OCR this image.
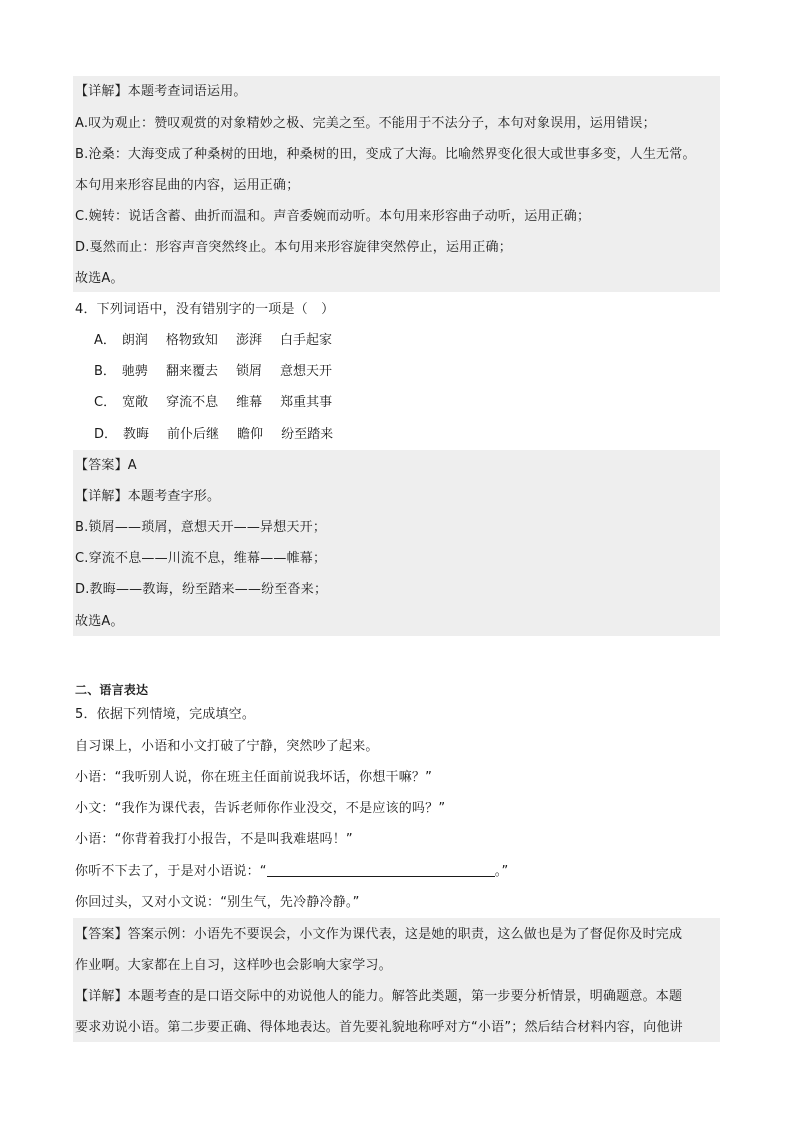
【详解】本题考查词语运用。
A.叹为观止：赞叹观赏的对象精妙之极、完美之至。不能用于不法分子，本句对象误用，运用错误；
B.沧桑：大海变成了种桑树的田地，种桑树的田，变成了大海。比喻然界变化很大或世事多变，人生无常。
本句用来形容昆曲的内容，运用正确；
C.婉转：说话含蓄、曲折而温和。声音委婉而动听。本句用来形容曲子动听，运用正确；
D.戛然而止：形容声音突然终止。本句用来形容旋律突然停止，运用正确；
故选A。
4．下列词语中，没有错别字的一项是（　）
A． 朗润 格物致知 澎湃 白手起家
B． 驰骋 翻来覆去 锁屑 意想天开
C． 宽敞 穿流不息 维幕 郑重其事
D． 教晦 前仆后继 瞻仰 纷至踏来
【答案】A
【详解】本题考查字形。
B.锁屑——琐屑，意想天开——异想天开；
C.穿流不息——川流不息，维幕——帷幕；
D.教晦——教诲，纷至踏来——纷至沓来；
故选A。
二、语言表达
5．依据下列情境，完成填空。
自习课上，小语和小文打破了宁静，突然吵了起来。
小语：“我听别人说，你在班主任面前说我坏话，你想干嘛？”
小文：“我作为课代表，告诉老师你作业没交，不是应该的吗？”
小语：“你背着我打小报告，不是叫我难堪吗！”
你听不下去了，于是对小语说：“	。”
你回过头，又对小文说：“别生气，先冷静冷静。”
【答案】答案示例：小语先不要误会，小文作为课代表，这是她的职责，这么做也是为了督促你及时完成
作业啊。大家都在上自习，这样吵也会影响大家学习。
【详解】本题考查的是口语交际中的劝说他人的能力。解答此类题，第一步要分析情景，明确题意。本题
要求劝说小语。第二步要正确、得体地表达。首先要礼貌地称呼对方“小语”；然后结合材料内容，向他讲
